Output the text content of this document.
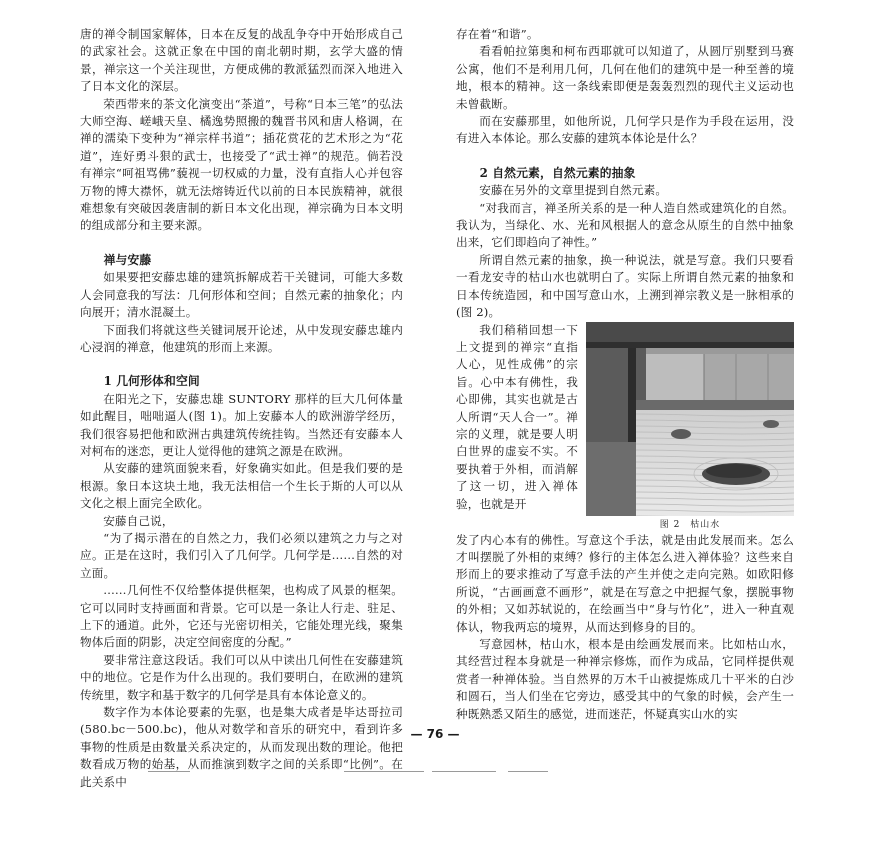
唐的禅令制国家解体，日本在反复的战乱争夺中开始形成自己的武家社会。这就正象在中国的南北朝时期，玄学大盛的情景，禅宗这一个关注现世，方便成佛的教派猛烈而深入地进入了日本文化的深层。

荣西带来的茶文化演变出“茶道”，号称“日本三笔”的弘法大师空海、嵯峨天皇、橘逸势照搬的魏晋书风和唐人格调，在禅的濡染下变种为“禅宗样书道”；插花赏花的艺术形之为“花道”，连好勇斗狠的武士，也接受了“武士禅”的规范。倘若没有禅宗“呵祖骂佛”藐视一切权威的力量，没有直指人心并包容万物的博大襟怀，就无法熔铸近代以前的日本民族精神，就很难想象有突破因袭唐制的新日本文化出现，禅宗确为日本文明的组成部分和主要来源。

禅与安藤

如果要把安藤忠雄的建筑拆解成若干关键词，可能大多数人会同意我的写法：几何形体和空间；自然元素的抽象化；内向展开；清水混凝土。

下面我们将就这些关键词展开论述，从中发现安藤忠雄内心浸润的禅意，他建筑的形而上来源。

1 几何形体和空间

在阳光之下，安藤忠雄 SUNTORY 那样的巨大几何体量如此醒目，咄咄逼人(图 1)。加上安藤本人的欧洲游学经历，我们很容易把他和欧洲古典建筑传统挂钩。当然还有安藤本人对柯布的迷恋，更让人觉得他的建筑之源是在欧洲。

从安藤的建筑面貌来看，好象确实如此。但是我们要的是根源。象日本这块土地，我无法相信一个生长于斯的人可以从文化之根上面完全欧化。

安藤自己说，

“为了揭示潜在的自然之力，我们必须以建筑之力与之对应。正是在这时，我们引入了几何学。几何学是……自然的对立面。

……几何性不仅给整体提供框架，也构成了风景的框架。它可以同时支持画面和背景。它可以是一条让人行走、驻足、上下的通道。此外，它还与光密切相关，它能处理光线，聚集物体后面的阴影，决定空间密度的分配。”

要非常注意这段话。我们可以从中读出几何性在安藤建筑中的地位。它是作为什么出现的。我们要明白，在欧洲的建筑传统里，数字和基于数字的几何学是具有本体论意义的。

数字作为本体论要素的先驱，也是集大成者是毕达哥拉司(580.bc－500.bc)，他从对数学和音乐的研究中，看到许多事物的性质是由数量关系决定的，从而发现出数的理论。他把数看成万物的始基，从而推演到数字之间的关系即“比例”。在此关系中

存在着“和谐”。

看看帕拉第奥和柯布西耶就可以知道了，从圆厅别墅到马赛公寓，他们不是利用几何，几何在他们的建筑中是一种至善的境地，根本的精神。这一条线索即便是轰轰烈烈的现代主义运动也未曾截断。

而在安藤那里，如他所说，几何学只是作为手段在运用，没有进入本体论。那么安藤的建筑本体论是什么？

2 自然元素，自然元素的抽象

安藤在另外的文章里提到自然元素。

“对我而言，禅圣所关系的是一种人造自然或建筑化的自然。我认为，当绿化、水、光和风根据人的意念从原生的自然中抽象出来，它们即趋向了神性。”

所谓自然元素的抽象，换一种说法，就是写意。我们只要看一看龙安寺的枯山水也就明白了。实际上所谓自然元素的抽象和日本传统造园，和中国写意山水，上溯到禅宗教义是一脉相承的(图 2)。

我们稍稍回想一下上文提到的禅宗“直指人心，见性成佛”的宗旨。心中本有佛性，我心即佛，其实也就是古人所谓“天人合一”。禅宗的义理，就是要人明白世界的虚妄不实。不要执着于外相，而消解了这一切，进入禅体验，也就是开

图 2　枯山水

发了内心本有的佛性。写意这个手法，就是由此发展而来。怎么才叫摆脱了外相的束缚？修行的主体怎么进入禅体验？这些来自形而上的要求推动了写意手法的产生并使之走向完熟。如欧阳修所说，“古画画意不画形”，就是在写意之中把握气象，摆脱事物的外相；又如苏轼说的，在绘画当中“身与竹化”，进入一种直观体认，物我两忘的境界，从而达到修身的目的。

写意园林，枯山水，根本是由绘画发展而来。比如枯山水，其经营过程本身就是一种禅宗修炼，而作为成品，它同样提供观赏者一种禅体验。当自然界的万木千山被提炼成几十平米的白沙和圆石，当人们坐在它旁边，感受其中的气象的时候，会产生一种既熟悉又陌生的感觉，进而迷茫，怀疑真实山水的实

— 76 —
